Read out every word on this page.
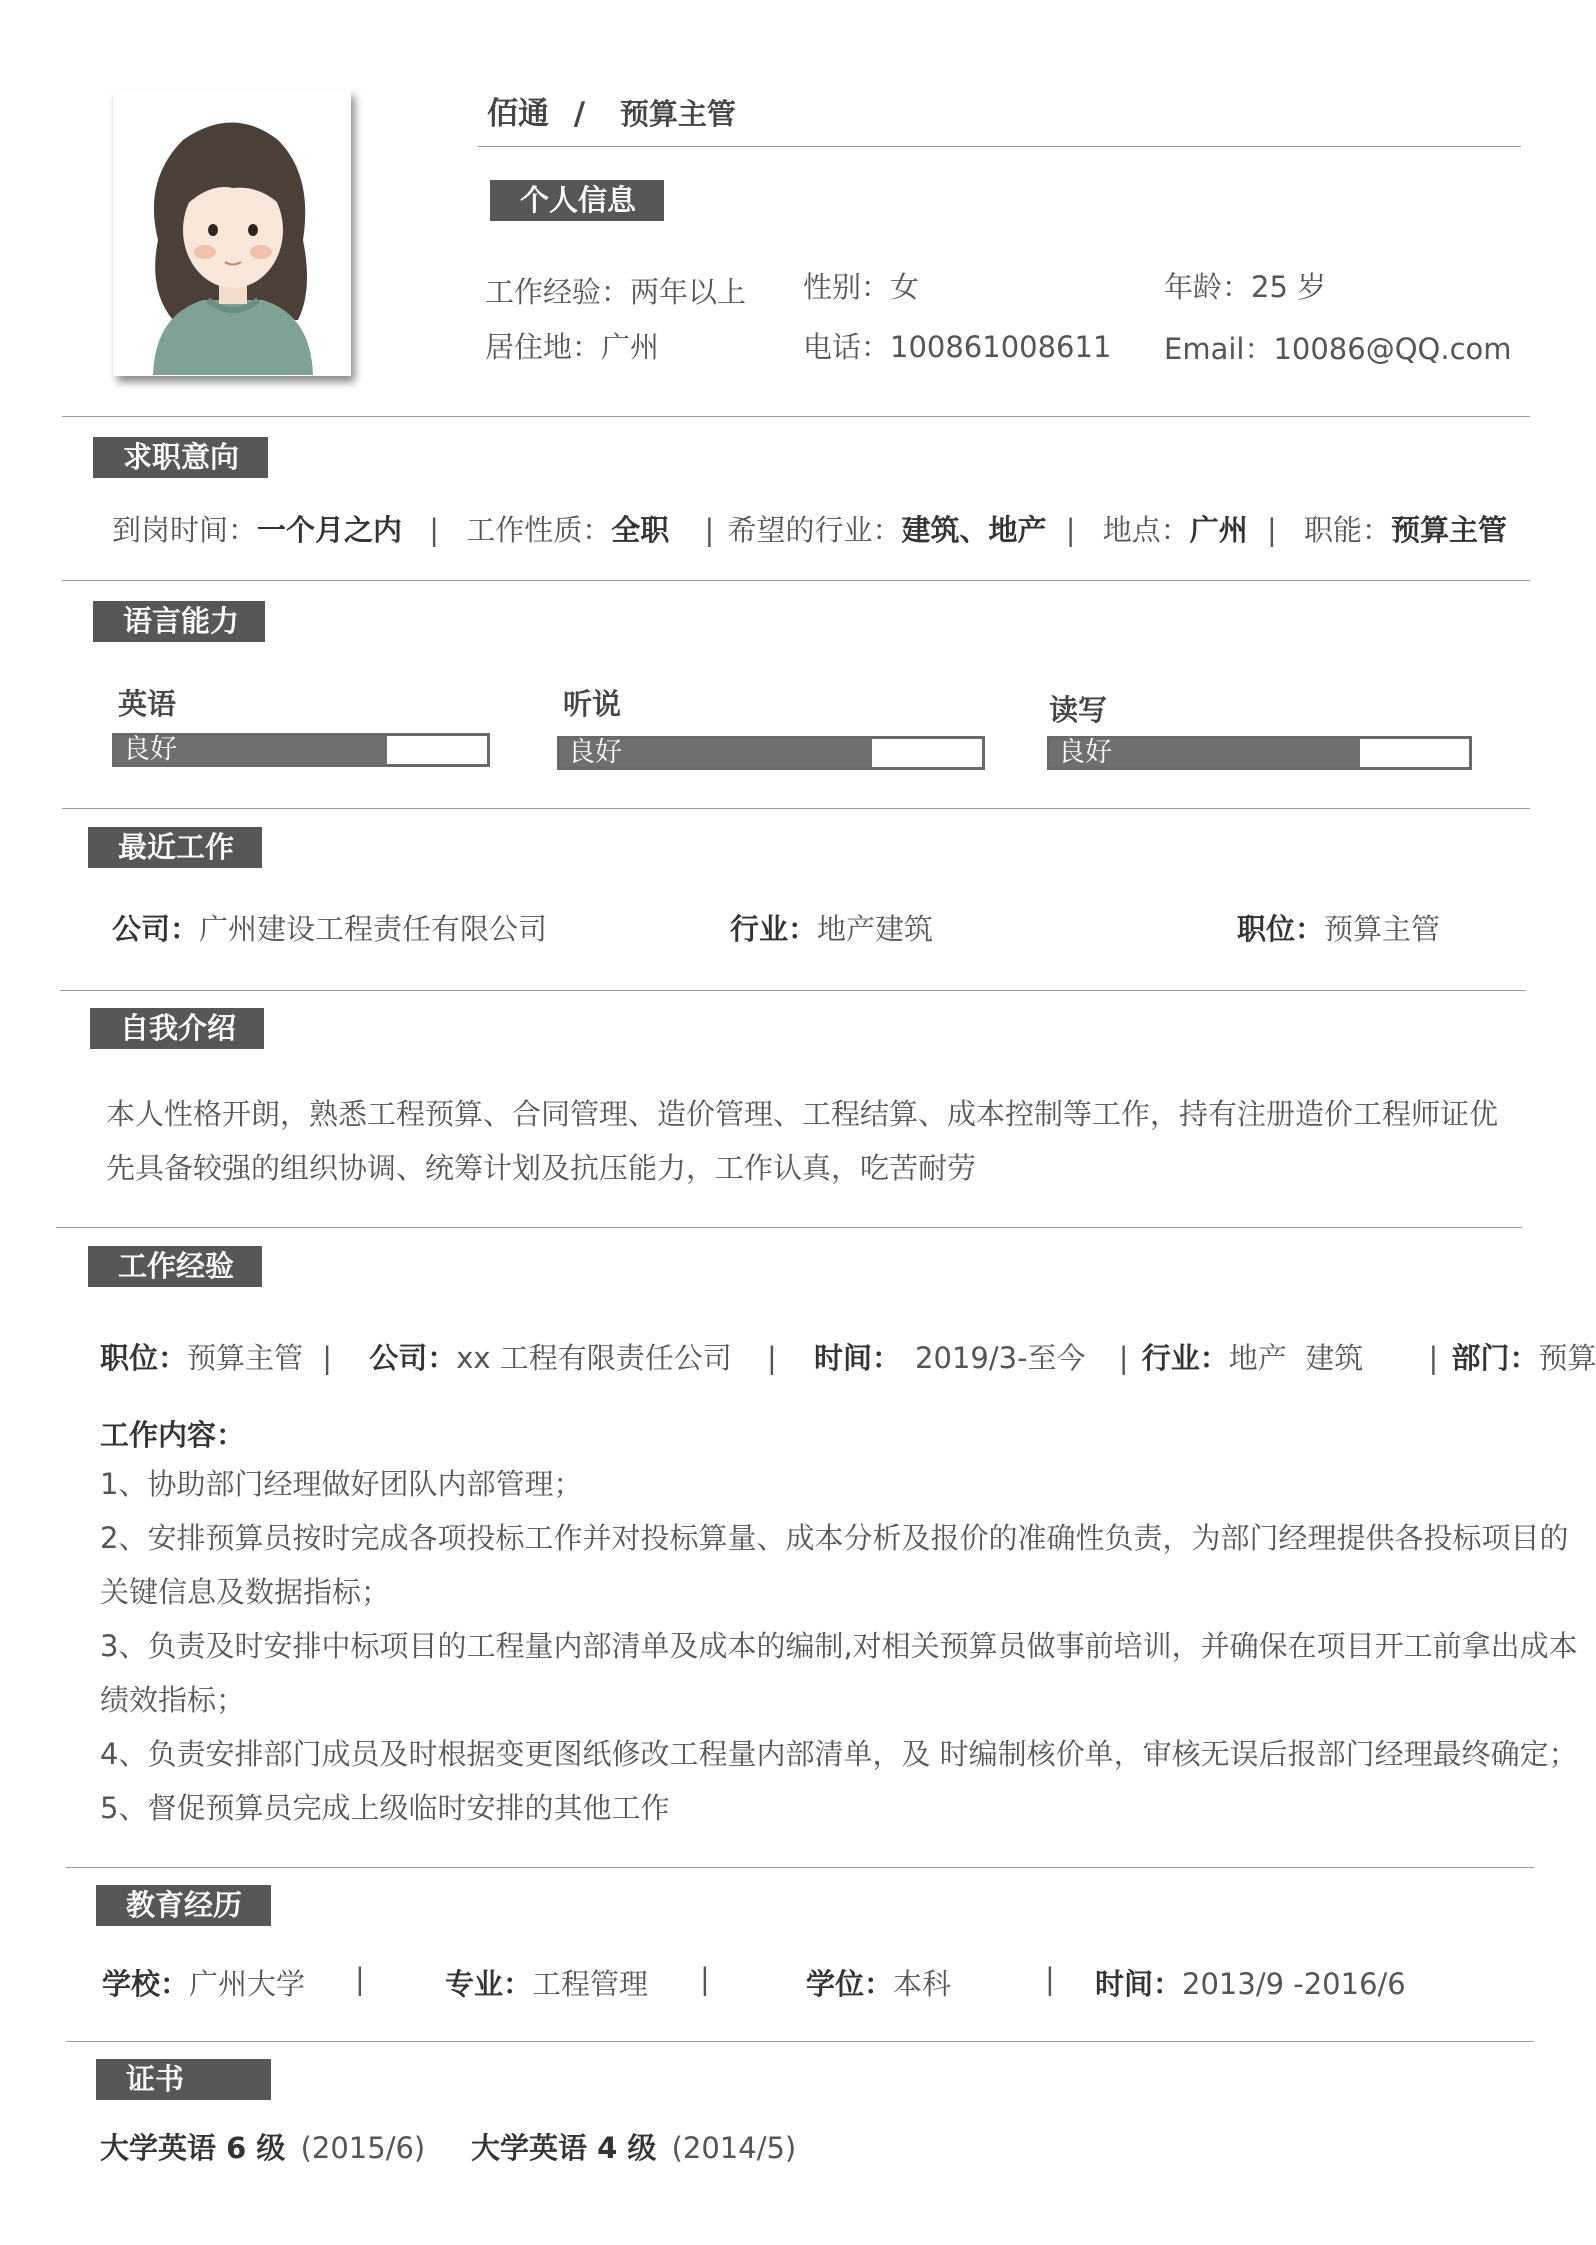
佰通 / 预算主管
个人信息
工作经验：两年以上 性别：女	年龄：25 岁
居住地：广州	电话：100861008611 Email：10086@QQ.com
求职意向
到岗时间：一个月之内 | 工作性质：全职 | 希望的行业：建筑、地产 | 地点：广州 | 职能：预算主管
语言能力
英语
良好
听说
良好
读写
良好
最近工作
公司：广州建设工程责任有限公司	行业：地产建筑	职位：预算主管
自我介绍
本人性格开朗，熟悉工程预算、合同管理、造价管理、工程结算、成本控制等工作，持有注册造价工程师证优
先具备较强的组织协调、统筹计划及抗压能力，工作认真，吃苦耐劳
工作经验
职位：预算主管 | 公司：xx 工程有限责任公司 | 时间： 2019/3-至今 | 行业：地产  建筑 | 部门：预算
工作内容：
1、协助部门经理做好团队内部管理；
2、安排预算员按时完成各项投标工作并对投标算量、成本分析及报价的准确性负责，为部门经理提供各投标项目的
关键信息及数据指标；
3、负责及时安排中标项目的工程量内部清单及成本的编制,对相关预算员做事前培训，并确保在项目开工前拿出成本
绩效指标；
4、负责安排部门成员及时根据变更图纸修改工程量内部清单，及 时编制核价单，审核无误后报部门经理最终确定；
5、督促预算员完成上级临时安排的其他工作
教育经历
学校：广州大学 |	专业：工程管理 |	学位：本科	| 时间：2013/9 -2016/6
证书
大学英语 6 级 (2015/6) 大学英语 4 级 (2014/5)
